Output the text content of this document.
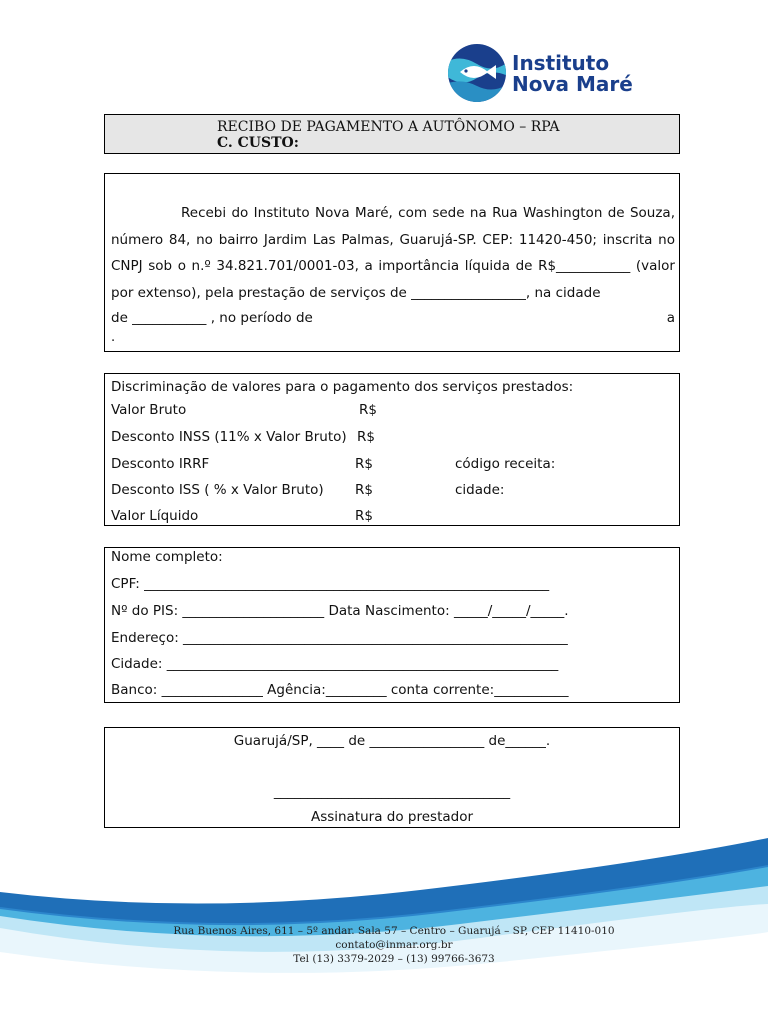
Instituto
Nova Maré
RECIBO DE PAGAMENTO A AUTÔNOMO – RPA
C. CUSTO:

Recebi do Instituto Nova Maré, com sede na Rua Washington de Souza, número 84, no bairro Jardim Las Palmas, Guarujá-SP. CEP: 11420-450; inscrita no CNPJ sob o n.º 34.821.701/0001-03, a importância líquida de R$___________ (valor por extenso), pela prestação de serviços de _________________, na cidade

de ___________ , no período de	a
.
Discriminação de valores para o pagamento dos serviços prestados:
Valor Bruto	R$
Desconto INSS (11% x Valor Bruto) R$
Desconto IRRF	R$	código receita:
Desconto ISS ( % x Valor Bruto) R$	cidade:
Valor Líquido	R$
Nome completo:
CPF: ____________________________________________________________
Nº do PIS: _____________________ Data Nascimento: _____/_____/_____.
Endereço: _________________________________________________________
Cidade: __________________________________________________________
Banco: _______________ Agência:_________ conta corrente:___________
Guarujá/SP, ____ de _________________ de______.
___________________________________
Assinatura do prestador
Rua Buenos Aires, 611 – 5º andar. Sala 57 – Centro – Guarujá – SP, CEP 11410-010
contato@inmar.org.br
Tel (13) 3379-2029 – (13) 99766-3673
